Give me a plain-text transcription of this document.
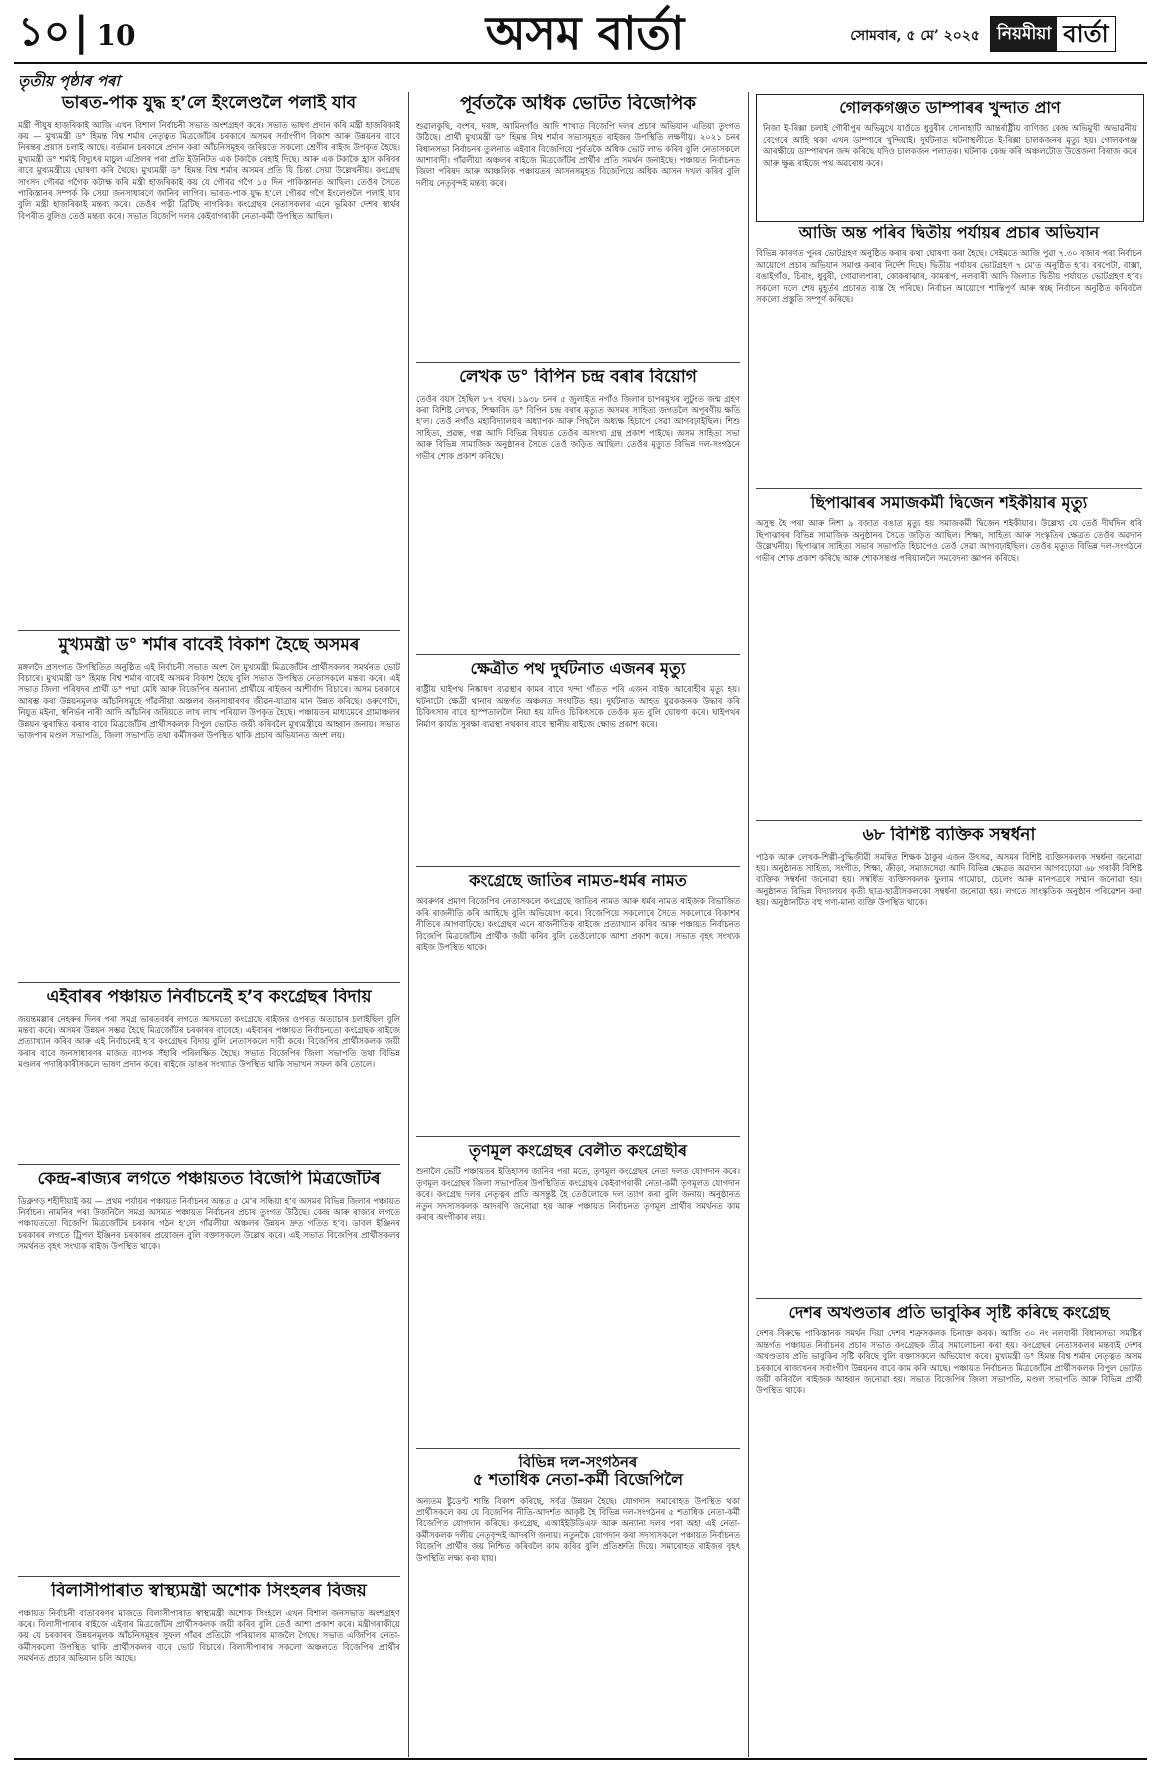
১০ | 10	অসম বাৰ্তা	সোমবাৰ, ৫ মে’ ২০২৫	নিয়মীয়া বাৰ্তা
তৃতীয় পৃষ্ঠাৰ পৰা
ভাৰত-পাক যুদ্ধ হ’লে ইংলেণ্ডলৈ পলাই যাব
মন্ত্ৰী পীযুষ হাজৰিকাই আজি এখন বিশাল নিৰ্বাচনী সভাত অংশগ্ৰহণ কৰে। সভাত ভাষণ প্ৰদান কৰি মন্ত্ৰী হাজৰিকাই কয় — মুখ্যমন্ত্ৰী ড° হিমন্ত বিশ্ব শৰ্মাৰ নেতৃত্বত মিত্ৰজোঁটৰ চৰকাৰে অসমৰ সৰ্বাংগীণ বিকাশ আৰু উন্নয়নৰ বাবে নিৰন্তৰ প্ৰয়াস চলাই আছে। বৰ্তমান চৰকাৰে প্ৰদান কৰা আঁচনিসমূহৰ জৰিয়তে সকলো শ্ৰেণীৰ ৰাইজ উপকৃত হৈছে। মুখ্যমন্ত্ৰী ড° শৰ্মাই বিদ্যুৎৰ মাচুল এপ্ৰিলৰ পৰা প্ৰতি ইউনিটত এক টকাকৈ ৰেহাই দিছে। আৰু এক টকাকৈ হ্ৰাস কৰিবৰ বাবে মুখ্যমন্ত্ৰীয়ে ঘোষণা কৰি থৈছে। মুখ্যমন্ত্ৰী ড° হিমন্ত বিশ্ব শৰ্মাৰ অসমৰ প্ৰতি যি চিন্তা সেয়া উল্লেখনীয়। কংগ্ৰেছ সাংসদ গৌৰৱ গগৈক কটাক্ষ কৰি মন্ত্ৰী হাজৰিকাই কয় যে গৌৰৱ গগৈ ১৫ দিন পাকিস্তানত আছিল। তেওঁৰ সৈতে পাকিস্তানৰ সম্পৰ্ক কি সেয়া জনসাধাৰণে জানিব লাগিব। ভাৰত-পাক যুদ্ধ হ’লে গৌৰৱ গগৈ ইংলেণ্ডলৈ পলাই যাব বুলি মন্ত্ৰী হাজৰিকাই মন্তব্য কৰে। তেওঁৰ পত্নী ব্ৰিটিছ নাগৰিক। কংগ্ৰেছৰ নেতাসকলৰ এনে ভূমিকা দেশৰ স্বাৰ্থৰ বিপৰীত বুলিও তেওঁ মন্তব্য কৰে। সভাত বিজেপি দলৰ কেইবাগৰাকী নেতা-কৰ্মী উপস্থিত আছিল।
মুখ্যমন্ত্ৰী ড° শৰ্মাৰ বাবেই বিকাশ হৈছে অসমৰ
মঙ্গলদৈ প্ৰসংগত উপস্থিতিত অনুষ্ঠিত এই নিৰ্বাচনী সভাত অংশ লৈ মুখ্যমন্ত্ৰী মিত্ৰজোঁটৰ প্ৰাৰ্থীসকলৰ সমৰ্থনত ভোট বিচাৰে। মুখ্যমন্ত্ৰী ড° হিমন্ত বিশ্ব শৰ্মাৰ বাবেই অসমৰ বিকাশ হৈছে বুলি সভাত উপস্থিত নেতাসকলে মন্তব্য কৰে। এই সভাত জিলা পৰিষদৰ প্ৰাৰ্থী ড° পদ্মা মেধি আৰু বিজেপিৰ অন্যান্য প্ৰাৰ্থীয়ে ৰাইজৰ আশীৰ্বাদ বিচাৰে। অসম চৰকাৰে আৰম্ভ কৰা উন্নয়নমূলক আঁচনিসমূহে গাঁৱলীয়া অঞ্চলৰ জনসাধাৰণৰ জীৱন-যাত্ৰাৰ মান উন্নত কৰিছে। ওৰুণোদৈ, নিযুত মইনা, স্বনিৰ্ভৰ নাৰী আদি আঁচনিৰ জৰিয়তে লাখ লাখ পৰিয়াল উপকৃত হৈছে। পঞ্চায়তৰ মাধ্যমেৰে গ্ৰামাঞ্চলৰ উন্নয়ন ত্বৰান্বিত কৰাৰ বাবে মিত্ৰজোঁটৰ প্ৰাৰ্থীসকলক বিপুল ভোটত জয়ী কৰিবলৈ মুখ্যমন্ত্ৰীয়ে আহ্বান জনায়। সভাত ভাজপাৰ মণ্ডল সভাপতি, জিলা সভাপতি তথা কৰ্মীসকল উপস্থিত থাকি প্ৰচাৰ অভিযানত অংশ লয়।
এইবাৰৰ পঞ্চায়ত নিৰ্বাচনেই হ’ব কংগ্ৰেছৰ বিদায়
জয়ন্তমল্লাৰ নেহৰুৰ দিনৰ পৰা সমগ্ৰ ভাৰতবৰ্ষৰ লগতে অসমতো কংগ্ৰেছে ৰাইজৰ ওপৰত অত্যাচাৰ চলাইছিল বুলি মন্তব্য কৰে। অসমৰ উন্নয়ন সম্ভৱ হৈছে মিত্ৰজোঁটৰ চৰকাৰৰ বাবেহে। এইবাৰৰ পঞ্চায়ত নিৰ্বাচনতো কংগ্ৰেছক ৰাইজে প্ৰত্যাখ্যান কৰিব আৰু এই নিৰ্বাচনেই হ’ব কংগ্ৰেছৰ বিদায় বুলি নেতাসকলে দাবী কৰে। বিজেপিৰ প্ৰাৰ্থীসকলক জয়ী কৰাৰ বাবে জনসাধাৰণৰ মাজত ব্যাপক সঁহাৰি পৰিলক্ষিত হৈছে। সভাত বিজেপিৰ জিলা সভাপতি তথা বিভিন্ন মণ্ডলৰ পদাধিকাৰীসকলে ভাষণ প্ৰদান কৰে। ৰাইজে ডাঙৰ সংখ্যাত উপস্থিত থাকি সভাখন সফল কৰি তোলে।
কেন্দ্ৰ-ৰাজ্যৰ লগতে পঞ্চায়তত বিজেপি মিত্ৰজোঁটৰ
ডিব্ৰুগড় শহীদীয়াই কয় — প্ৰথম পৰ্যায়ৰ পঞ্চায়ত নিৰ্বাচনৰ অন্তত ৫ মে’ৰ সন্ধিয়া হ’ব অসমৰ বিভিন্ন জিলাৰ পঞ্চায়ত নিৰ্বাচন। নামনিৰ পৰা উজনিলৈ সমগ্ৰ অসমত পঞ্চায়ত নিৰ্বাচনৰ প্ৰচাৰ তুংগত উঠিছে। কেন্দ্ৰ আৰু ৰাজ্যৰ লগতে পঞ্চায়ততো বিজেপি মিত্ৰজোঁটৰ চৰকাৰ গঠন হ’লে গাঁৱলীয়া অঞ্চলৰ উন্নয়ন দ্ৰুত গতিত হ’ব। ডাবল ইঞ্জিনৰ চৰকাৰৰ লগতে ট্ৰিপল ইঞ্জিনৰ চৰকাৰৰ প্ৰয়োজন বুলি বক্তাসকলে উল্লেখ কৰে। এই সভাত বিজেপিৰ প্ৰাৰ্থীসকলৰ সমৰ্থনত বৃহৎ সংখ্যক ৰাইজ উপস্থিত থাকে।
বিলাসীপাৰাত স্বাস্থ্যমন্ত্ৰী অশোক সিংহলৰ বিজয়
পঞ্চায়ত নিৰ্বাচনী বাতাবৰণৰ মাজতে বিলাসীপাৰাত স্বাস্থ্যমন্ত্ৰী অশোক সিংহলে এখন বিশাল জনসভাত অংশগ্ৰহণ কৰে। বিলাসীপাৰাৰ ৰাইজে এইবাৰ মিত্ৰজোঁটৰ প্ৰাৰ্থীসকলক জয়ী কৰিব বুলি তেওঁ আশা প্ৰকাশ কৰে। মন্ত্ৰীগৰাকীয়ে কয় যে চৰকাৰৰ উন্নয়নমূলক আঁচনিসমূহৰ সুফল গাঁৱৰ প্ৰতিটো পৰিয়ালৰ মাজলৈ গৈছে। সভাত এজিপিৰ নেতা-কৰ্মীসকলো উপস্থিত থাকি প্ৰাৰ্থীসকলৰ বাবে ভোট বিচাৰে। বিলাসীপাৰাৰ সকলো অঞ্চলতে বিজেপিৰ প্ৰাৰ্থীৰ সমৰ্থনত প্ৰচাৰ অভিযান চলি আছে।
পূৰ্বতকৈ অধিক ভোটত বিজেপিক
শুৱালকুছি, বংশৰ, দৰঙ্গ, আমিনগাঁও আদি শাখাত বিজেপি দলৰ প্ৰচাৰ অভিযান এতিয়া তুংগত উঠিছে। প্ৰাৰ্থী মুখ্যমন্ত্ৰী ড° হিমন্ত বিশ্ব শৰ্মাৰ সভাসমূহত ৰাইজৰ উপস্থিতি লক্ষণীয়। ২০২১ চনৰ বিধানসভা নিৰ্বাচনৰ তুলনাত এইবাৰ বিজেপিয়ে পূৰ্বতকৈ অধিক ভোট লাভ কৰিব বুলি নেতাসকলে আশাবাদী। গাঁৱলীয়া অঞ্চলৰ ৰাইজে মিত্ৰজোঁটৰ প্ৰাৰ্থীৰ প্ৰতি সমৰ্থন জনাইছে। পঞ্চায়ত নিৰ্বাচনত জিলা পৰিষদ আৰু আঞ্চলিক পঞ্চায়তৰ আসনসমূহত বিজেপিয়ে অধিক আসন দখল কৰিব বুলি দলীয় নেতৃবৃন্দই মন্তব্য কৰে।
লেখক ড° বিপিন চন্দ্ৰ বৰাৰ বিয়োগ
তেওঁৰ বয়স হৈছিল ৮৭ বছৰ। ১৯৩৮ চনৰ ৫ জুলাইত নগাঁও জিলাৰ চাপৰমুখৰ লুটুংত জন্ম গ্ৰহণ কৰা বিশিষ্ট লেখক, শিক্ষাবিদ ড° বিপিন চন্দ্ৰ বৰাৰ মৃত্যুত অসমৰ সাহিত্য জগতলৈ অপূৰণীয় ক্ষতি হ’ল। তেওঁ নগাঁও মহাবিদ্যালয়ৰ অধ্যাপক আৰু পিছলৈ অধ্যক্ষ হিচাপে সেৱা আগবঢ়াইছিল। শিশু সাহিত্য, প্ৰৱন্ধ, গল্প আদি বিভিন্ন বিষয়ত তেওঁৰ অসংখ্য গ্ৰন্থ প্ৰকাশ পাইছে। অসম সাহিত্য সভা আৰু বিভিন্ন সামাজিক অনুষ্ঠানৰ সৈতে তেওঁ জড়িত আছিল। তেওঁৰ মৃত্যুত বিভিন্ন দল-সংগঠনে গভীৰ শোক প্ৰকাশ কৰিছে।
ক্ষেত্ৰীত পথ দুৰ্ঘটনাত এজনৰ মৃত্যু
ৰাষ্ট্ৰীয় ঘাইপথ নিষ্কাষণ ব্যৱস্থাৰ কামৰ বাবে খন্দা গাঁতত পৰি এজন বাইক আৰোহীৰ মৃত্যু হয়। ঘটনাটো ক্ষেত্ৰী থানাৰ অন্তৰ্গত অঞ্চলত সংঘটিত হয়। দুৰ্ঘটনাত আহত যুৱকজনক উদ্ধাৰ কৰি চিকিৎসাৰ বাবে হাস্পতাললৈ নিয়া হয় যদিও চিকিৎসকে তেওঁক মৃত বুলি ঘোষণা কৰে। ঘাইপথৰ নিৰ্মাণ কাৰ্যত সুৰক্ষা ব্যৱস্থা নথকাৰ বাবে স্থানীয় ৰাইজে ক্ষোভ প্ৰকাশ কৰে।
কংগ্ৰেছে জাতিৰ নামত-ধৰ্মৰ নামত
অবৰুণৰ প্ৰমাণ বিজেপিৰ নেতাসকলে কংগ্ৰেছে জাতিৰ নামত আৰু ধৰ্মৰ নামত ৰাইজক বিভাজিত কৰি ৰাজনীতি কৰি আহিছে বুলি অভিযোগ কৰে। বিজেপিয়ে সকলোৰে সৈতে সকলোৰে বিকাশৰ নীতিৰে আগবাঢ়িছে। কংগ্ৰেছৰ এনে ৰাজনীতিক ৰাইজে প্ৰত্যাখ্যান কৰিব আৰু পঞ্চায়ত নিৰ্বাচনত বিজেপি মিত্ৰজোঁটৰ প্ৰাৰ্থীক জয়ী কৰিব বুলি তেওঁলোকে আশা প্ৰকাশ কৰে। সভাত বৃহৎ সংখ্যক ৰাইজ উপস্থিত থাকে।
তৃণমূল কংগ্ৰেছৰ বেলীত কংগ্ৰেছীৰ
শুনালৈ ভেটি পঞ্চায়তৰ ইতিহাসৰ জানিব পৰা মতে, তৃণমূল কংগ্ৰেছৰ নেতা দলত যোগদান কৰে। তৃণমূল কংগ্ৰেছৰ জিলা সভাপতিৰ উপস্থিতিত কংগ্ৰেছৰ কেইবাগৰাকী নেতা-কৰ্মী তৃণমূলত যোগদান কৰে। কংগ্ৰেছ দলৰ নেতৃত্বৰ প্ৰতি অসন্তুষ্ট হৈ তেওঁলোকে দল ত্যাগ কৰা বুলি জনায়। অনুষ্ঠানত নতুন সদস্যসকলক আদৰণি জনোৱা হয় আৰু পঞ্চায়ত নিৰ্বাচনত তৃণমূল প্ৰাৰ্থীৰ সমৰ্থনত কাম কৰাৰ অংগীকাৰ লয়।
বিভিন্ন দল-সংগঠনৰ
৫ শতাধিক নেতা-কৰ্মী বিজেপিলৈ
অন্যতম ষ্টুডেণ্ট শান্তি বিকাশ কৰিছে, সৰ্বত্ৰ উন্নয়ন হৈছে। যোগদান সমাৰোহত উপস্থিত থকা প্ৰাৰ্থীসকলে কয় যে বিজেপিৰ নীতি-আদৰ্শত আকৃষ্ট হৈ বিভিন্ন দল-সংগঠনৰ ৫ শতাধিক নেতা-কৰ্মী বিজেপিত যোগদান কৰিছে। কংগ্ৰেছ, এআইইউডিএফ আৰু অন্যান্য দলৰ পৰা অহা এই নেতা-কৰ্মীসকলক দলীয় নেতৃবৃন্দই আদৰণি জনায়। নতুনকৈ যোগদান কৰা সদস্যসকলে পঞ্চায়ত নিৰ্বাচনত বিজেপি প্ৰাৰ্থীৰ জয় নিশ্চিত কৰিবলৈ কাম কৰিব বুলি প্ৰতিশ্ৰুতি দিয়ে। সমাৰোহত ৰাইজৰ বৃহৎ উপস্থিতি লক্ষ্য কৰা যায়।
গোলকগঞ্জত ডাম্পাৰৰ খুন্দাত প্ৰাণ
নিজা ই-ৰিক্সা চলাই গৌৰীপুৰ অভিমুখে যাওঁতে ধুবুৰীৰ সোনাহাটি আন্তৰ্ৰাষ্ট্ৰীয় বাণিজ্য কেন্দ্ৰ অভিমুখী অভাৱনীয় বেগেৰে আহি থকা এখন ডাম্পাৰে খুন্দিয়াই। দুৰ্ঘটনাত ঘটনাস্থলীতে ই-ৰিক্সা চালকজনৰ মৃত্যু হয়। গোলকগঞ্জ আৰক্ষীয়ে ডাম্পাৰখন জব্দ কৰিছে যদিও চালকজন পলাতক। ঘটনাক কেন্দ্ৰ কৰি অঞ্চলটোত উত্তেজনা বিৰাজ কৰে আৰু ক্ষুব্ধ ৰাইজে পথ অৱৰোধ কৰে।
আজি অন্ত পৰিব দ্বিতীয় পৰ্যায়ৰ প্ৰচাৰ অভিযান
বিভিন্ন কাৰণত পুনৰ ভোটগ্ৰহণ অনুষ্ঠিত কৰাৰ কথা ঘোষণা কৰা হৈছে। সেইমতে আজি পুৱা ৭.৩০ বজাৰ পৰা নিৰ্বাচন আয়োগে প্ৰচাৰ অভিযান সমাপ্ত কৰাৰ নিৰ্দেশ দিছে। দ্বিতীয় পৰ্যায়ৰ ভোটগ্ৰহণ ৭ মে’ত অনুষ্ঠিত হ’ব। বৰপেটা, বাক্সা, বঙাইগাঁও, চিৰাং, ধুবুৰী, গোৱালপাৰা, কোকৰাঝাৰ, কামৰূপ, নলবাৰী আদি জিলাত দ্বিতীয় পৰ্যায়ত ভোটগ্ৰহণ হ’ব। সকলো দলে শেষ মুহূৰ্তৰ প্ৰচাৰত ব্যস্ত হৈ পৰিছে। নিৰ্বাচন আয়োগে শান্তিপূৰ্ণ আৰু স্বচ্ছ নিৰ্বাচন অনুষ্ঠিত কৰিবলৈ সকলো প্ৰস্তুতি সম্পূৰ্ণ কৰিছে।
ছিপাঝাৰৰ সমাজকৰ্মী দ্বিজেন শইকীয়াৰ মৃত্যু
অসুস্থ হৈ পৰা আৰু নিশা ৯ বজাত বঙাত মৃত্যু হয় সমাজকৰ্মী দ্বিজেন শইকীয়াৰ। উল্লেখ্য যে তেওঁ দীৰ্ঘদিন ধৰি ছিপাঝাৰৰ বিভিন্ন সামাজিক অনুষ্ঠানৰ সৈতে জড়িত আছিল। শিক্ষা, সাহিত্য আৰু সংস্কৃতিৰ ক্ষেত্ৰত তেওঁৰ অৱদান উল্লেখনীয়। ছিপাঝাৰ সাহিত্য সভাৰ সভাপতি হিচাপেও তেওঁ সেৱা আগবঢ়াইছিল। তেওঁৰ মৃত্যুত বিভিন্ন দল-সংগঠনে গভীৰ শোক প্ৰকাশ কৰিছে আৰু শোকসন্তপ্ত পৰিয়াললৈ সমবেদনা জ্ঞাপন কৰিছে।
৬৮ বিশিষ্ট ব্যক্তিক সম্বৰ্ধনা
পাঠক আৰু লেখক-শিল্পী-বুদ্ধিজীৱী সমন্বিত শিক্ষক ঠাকুৰ এজন উৎসৱ, অসমৰ বিশিষ্ট ব্যক্তিসকলক সম্বৰ্ধনা জনোৱা হয়। অনুষ্ঠানত সাহিত্য, সংগীত, শিক্ষা, ক্ৰীড়া, সমাজসেৱা আদি বিভিন্ন ক্ষেত্ৰত অৱদান আগবঢ়োৱা ৬৮ গৰাকী বিশিষ্ট ব্যক্তিক সম্বৰ্ধনা জনোৱা হয়। সম্বৰ্ধিত ব্যক্তিসকলক ফুলাম গামোচা, চেলেং আৰু মানপত্ৰৰে সম্মান জনোৱা হয়। অনুষ্ঠানত বিভিন্ন বিদ্যালয়ৰ কৃতী ছাত্ৰ-ছাত্ৰীসকলকো সম্বৰ্ধনা জনোৱা হয়। লগতে সাংস্কৃতিক অনুষ্ঠান পৰিৱেশন কৰা হয়। অনুষ্ঠানটিত বহু গণ্য-মান্য ব্যক্তি উপস্থিত থাকে।
দেশৰ অখণ্ডতাৰ প্ৰতি ভাবুকিৰ সৃষ্টি কৰিছে কংগ্ৰেছ
দেশৰ বিৰুদ্ধে পাকিস্তানক সমৰ্থন দিয়া দেশৰ শত্ৰুসকলক চিনাক্ত কৰক। আজি ৩০ নং নলবাৰী বিধানসভা সমষ্টিৰ অন্তৰ্গত পঞ্চায়ত নিৰ্বাচনৰ প্ৰচাৰ সভাত কংগ্ৰেছক তীব্ৰ সমালোচনা কৰা হয়। কংগ্ৰেছৰ নেতাসকলৰ মন্তব্যই দেশৰ অখণ্ডতাৰ প্ৰতি ভাবুকিৰ সৃষ্টি কৰিছে বুলি বক্তাসকলে অভিযোগ কৰে। মুখ্যমন্ত্ৰী ড° হিমন্ত বিশ্ব শৰ্মাৰ নেতৃত্বত অসম চৰকাৰে ৰাজ্যখনৰ সৰ্বাংগীণ উন্নয়নৰ বাবে কাম কৰি আছে। পঞ্চায়ত নিৰ্বাচনত মিত্ৰজোঁটৰ প্ৰাৰ্থীসকলক বিপুল ভোটত জয়ী কৰিবলৈ ৰাইজক আহ্বান জনোৱা হয়। সভাত বিজেপিৰ জিলা সভাপতি, মণ্ডল সভাপতি আৰু বিভিন্ন প্ৰাৰ্থী উপস্থিত থাকে।
